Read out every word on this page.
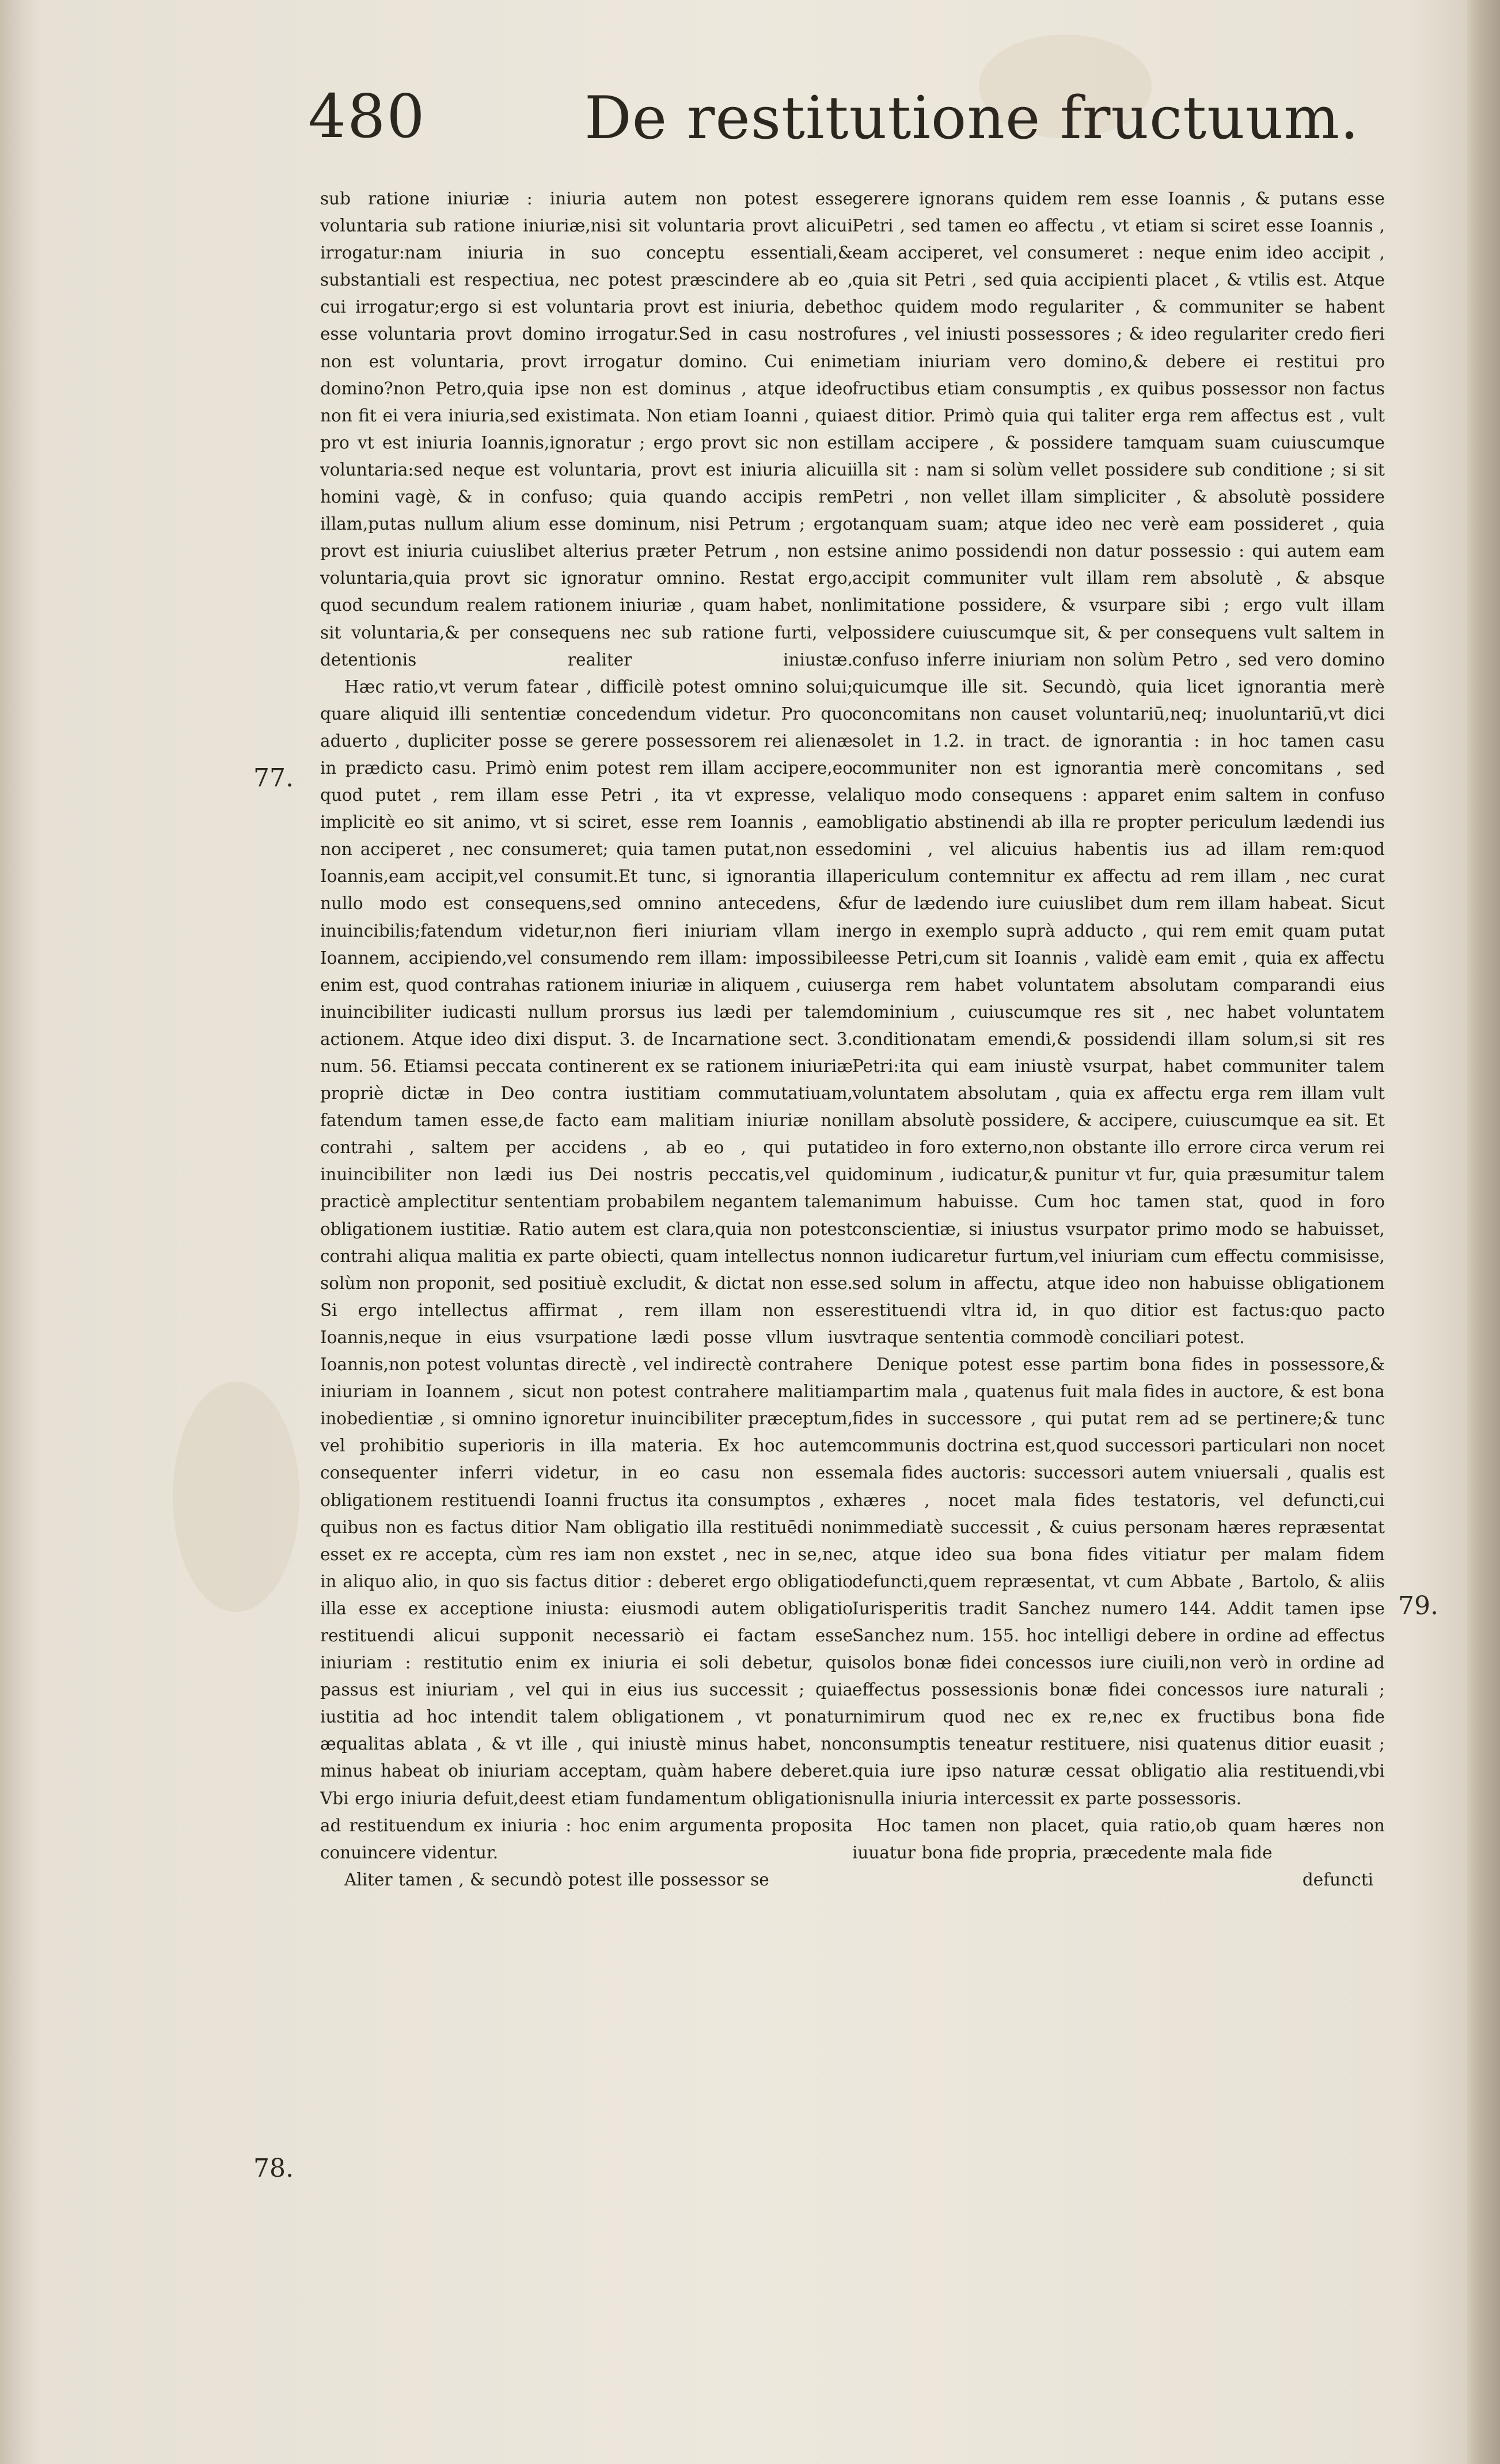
480	De restitutione fructuum.

sub ratione iniuriæ : iniuria autem non potest esse voluntaria sub ratione iniuriæ,nisi sit voluntaria provt alicui irrogatur:nam iniuria in suo conceptu essentiali,& substantiali est respectiua, nec potest præscindere ab eo , cui irrogatur;ergo si est voluntaria provt est iniuria, debet esse voluntaria provt domino irrogatur.Sed in casu nostro non est voluntaria, provt irrogatur domino. Cui enim domino?non Petro,quia ipse non est dominus , atque ideo non fit ei vera iniuria,sed existimata. Non etiam Ioanni , quia pro vt est iniuria Ioannis,ignoratur ; ergo provt sic non est voluntaria:sed neque est voluntaria, provt est iniuria alicui homini vagè, & in confuso; quia quando accipis rem illam,putas nullum alium esse dominum, nisi Petrum ; ergo provt est iniuria cuiuslibet alterius præter Petrum , non est voluntaria,quia provt sic ignoratur omnino. Restat ergo, quod secundum realem rationem iniuriæ , quam habet, non sit voluntaria,& per consequens nec sub ratione furti, vel detentionis realiter iniustæ.

Hæc ratio,vt verum fatear , difficilè potest omnino solui; quare aliquid illi sententiæ concedendum videtur. Pro quo aduerto , dupliciter posse se gerere possessorem rei alienæ in prædicto casu. Primò enim potest rem illam accipere,eo quod putet , rem illam esse Petri , ita vt expresse, vel implicitè eo sit animo, vt si sciret, esse rem Ioannis , eam non acciperet , nec consumeret; quia tamen putat,non esse Ioannis,eam accipit,vel consumit.Et tunc, si ignorantia illa nullo modo est consequens,sed omnino antecedens, & inuincibilis;fatendum videtur,non fieri iniuriam vllam in Ioannem, accipiendo,vel consumendo rem illam: impossibile enim est, quod contrahas rationem iniuriæ in aliquem , cuius inuincibiliter iudicasti nullum prorsus ius lædi per talem actionem. Atque ideo dixi disput. 3. de Incarnatione sect. 3. num. 56. Etiamsi peccata continerent ex se rationem iniuriæ propriè dictæ in Deo contra iustitiam commutatiuam, fatendum tamen esse,de facto eam malitiam iniuriæ non contrahi , saltem per accidens , ab eo , qui putat inuincibiliter non lædi ius Dei nostris peccatis,vel qui practicè amplectitur sententiam probabilem negantem talem obligationem iustitiæ. Ratio autem est clara,quia non potest contrahi aliqua malitia ex parte obiecti, quam intellectus non solùm non proponit, sed positiuè excludit, & dictat non esse. Si ergo intellectus affirmat , rem illam non esse Ioannis,neque in eius vsurpatione lædi posse vllum ius Ioannis,non potest voluntas directè , vel indirectè contrahere iniuriam in Ioannem , sicut non potest contrahere malitiam inobedientiæ , si omnino ignoretur inuincibiliter præceptum, vel prohibitio superioris in illa materia. Ex hoc autem consequenter inferri videtur, in eo casu non esse obligationem restituendi Ioanni fructus ita consumptos , ex quibus non es factus ditior Nam obligatio illa restituēdi non esset ex re accepta, cùm res iam non exstet , nec in se,nec in aliquo alio, in quo sis factus ditior : deberet ergo obligatio illa esse ex acceptione iniusta: eiusmodi autem obligatio restituendi alicui supponit necessariò ei factam esse iniuriam : restitutio enim ex iniuria ei soli debetur, qui passus est iniuriam , vel qui in eius ius successit ; quia iustitia ad hoc intendit talem obligationem , vt ponatur æqualitas ablata , & vt ille , qui iniustè minus habet, non minus habeat ob iniuriam acceptam, quàm habere deberet. Vbi ergo iniuria defuit,deest etiam fundamentum obligationis ad restituendum ex iniuria : hoc enim argumenta proposita conuincere videntur.

Aliter tamen , & secundò potest ille possessor se

gerere ignorans quidem rem esse Ioannis , & putans esse Petri , sed tamen eo affectu , vt etiam si sciret esse Ioannis , eam acciperet, vel consumeret : neque enim ideo accipit , quia sit Petri , sed quia accipienti placet , & vtilis est. Atque hoc quidem modo regulariter , & communiter se habent fures , vel iniusti possessores ; & ideo regulariter credo fieri etiam iniuriam vero domino,& debere ei restitui pro fructibus etiam consumptis , ex quibus possessor non factus est ditior. Primò quia qui taliter erga rem affectus est , vult illam accipere , & possidere tamquam suam cuiuscumque illa sit : nam si solùm vellet possidere sub conditione ; si sit Petri , non vellet illam simpliciter , & absolutè possidere tanquam suam; atque ideo nec verè eam possideret , quia sine animo possidendi non datur possessio : qui autem eam accipit communiter vult illam rem absolutè , & absque limitatione possidere, & vsurpare sibi ; ergo vult illam possidere cuiuscumque sit, & per consequens vult saltem in confuso inferre iniuriam non solùm Petro , sed vero domino quicumque ille sit. Secundò, quia licet ignorantia merè concomitans non causet voluntariū,neq; inuoluntariū,vt dici solet in 1.2. in tract. de ignorantia : in hoc tamen casu communiter non est ignorantia merè concomitans , sed aliquo modo consequens : apparet enim saltem in confuso obligatio abstinendi ab illa re propter periculum lædendi ius domini , vel alicuius habentis ius ad illam rem:quod periculum contemnitur ex affectu ad rem illam , nec curat fur de lædendo iure cuiuslibet dum rem illam habeat. Sicut ergo in exemplo suprà adducto , qui rem emit quam putat esse Petri,cum sit Ioannis , validè eam emit , quia ex affectu erga rem habet voluntatem absolutam comparandi eius dominium , cuiuscumque res sit , nec habet voluntatem conditionatam emendi,& possidendi illam solum,si sit res Petri:ita qui eam iniustè vsurpat, habet communiter talem voluntatem absolutam , quia ex affectu erga rem illam vult illam absolutè possidere, & accipere, cuiuscumque ea sit. Et ideo in foro externo,non obstante illo errore circa verum rei dominum , iudicatur,& punitur vt fur, quia præsumitur talem animum habuisse. Cum hoc tamen stat, quod in foro conscientiæ, si iniustus vsurpator primo modo se habuisset, non iudicaretur furtum,vel iniuriam cum effectu commisisse, sed solum in affectu, atque ideo non habuisse obligationem restituendi vltra id, in quo ditior est factus:quo pacto vtraque sententia commodè conciliari potest.

Denique potest esse partim bona fides in possessore,& partim mala , quatenus fuit mala fides in auctore, & est bona fides in successore , qui putat rem ad se pertinere;& tunc communis doctrina est,quod successori particulari non nocet mala fides auctoris: successori autem vniuersali , qualis est hæres , nocet mala fides testatoris, vel defuncti,cui immediatè successit , & cuius personam hæres repræsentat , atque ideo sua bona fides vitiatur per malam fidem defuncti,quem repræsentat, vt cum Abbate , Bartolo, & aliis Iurisperitis tradit Sanchez numero 144. Addit tamen ipse Sanchez num. 155. hoc intelligi debere in ordine ad effectus solos bonæ fidei concessos iure ciuili,non verò in ordine ad effectus possessionis bonæ fidei concessos iure naturali ; nimirum quod nec ex re,nec ex fructibus bona fide consumptis teneatur restituere, nisi quatenus ditior euasit ; quia iure ipso naturæ cessat obligatio alia restituendi,vbi nulla iniuria intercessit ex parte possessoris.

Hoc tamen non placet, quia ratio,ob quam hæres non iuuatur bona fide propria, præcedente mala fide

defuncti
77.
78.
79.
